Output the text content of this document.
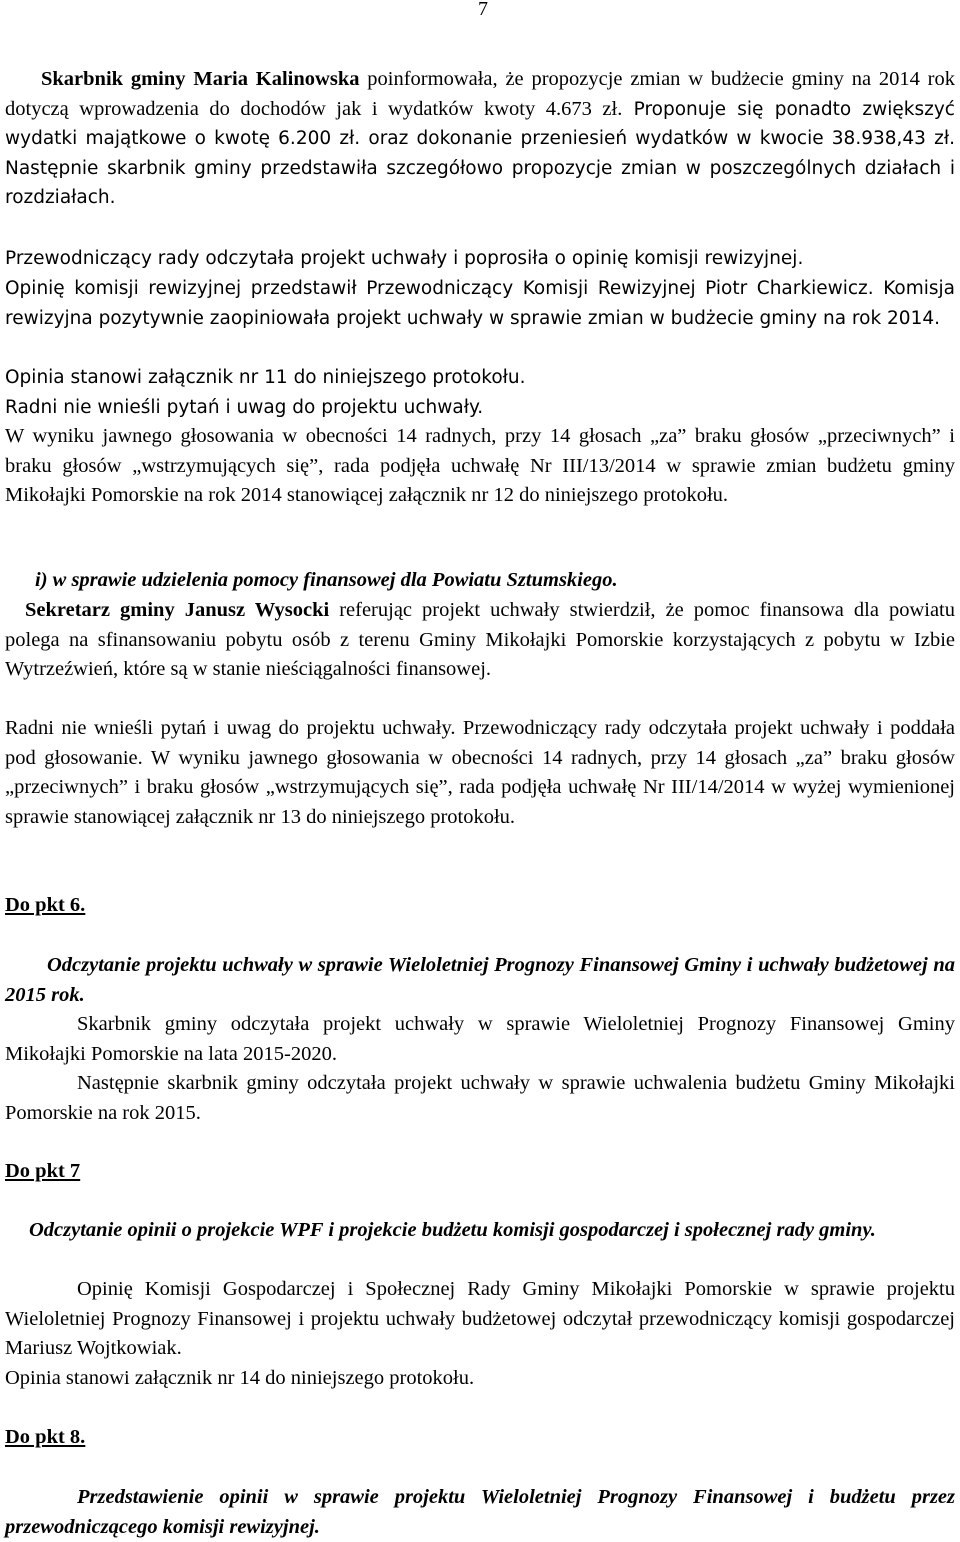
7

Skarbnik gminy Maria Kalinowska poinformowała, że propozycje zmian w budżecie gminy na 2014 rok dotyczą wprowadzenia do dochodów jak i wydatków kwoty 4.673 zł. Proponuje się ponadto zwiększyć wydatki majątkowe o kwotę 6.200 zł. oraz dokonanie przeniesień wydatków w kwocie 38.938,43 zł. Następnie skarbnik gminy przedstawiła szczegółowo propozycje zmian w poszczególnych działach i rozdziałach.

Przewodniczący rady odczytała projekt uchwały i poprosiła o opinię komisji rewizyjnej.

Opinię komisji rewizyjnej przedstawił Przewodniczący Komisji Rewizyjnej Piotr Charkiewicz. Komisja rewizyjna pozytywnie zaopiniowała projekt uchwały w sprawie zmian w budżecie gminy na rok 2014.

Opinia stanowi załącznik nr 11 do niniejszego protokołu.

Radni nie wnieśli pytań i uwag do projektu uchwały.

W wyniku jawnego głosowania w obecności 14 radnych, przy 14 głosach „za” braku głosów „przeciwnych” i braku głosów „wstrzymujących się”, rada podjęła uchwałę Nr III/13/2014 w sprawie zmian budżetu gminy Mikołajki Pomorskie na rok 2014 stanowiącej załącznik nr 12 do niniejszego protokołu.

i) w sprawie udzielenia pomocy finansowej dla Powiatu Sztumskiego.

Sekretarz gminy Janusz Wysocki referując projekt uchwały stwierdził, że pomoc finansowa dla powiatu polega na sfinansowaniu pobytu osób z terenu Gminy Mikołajki Pomorskie korzystających z pobytu w Izbie Wytrzeźwień, które są w stanie nieściągalności finansowej.

Radni nie wnieśli pytań i uwag do projektu uchwały. Przewodniczący rady odczytała projekt uchwały i poddała pod głosowanie. W wyniku jawnego głosowania w obecności 14 radnych, przy 14 głosach „za” braku głosów „przeciwnych” i braku głosów „wstrzymujących się”, rada podjęła uchwałę Nr III/14/2014 w wyżej wymienionej sprawie stanowiącej załącznik nr 13 do niniejszego protokołu.

Do pkt 6.

Odczytanie projektu uchwały w sprawie Wieloletniej Prognozy Finansowej Gminy i uchwały budżetowej na 2015 rok.

Skarbnik gminy odczytała projekt uchwały w sprawie Wieloletniej Prognozy Finansowej Gminy Mikołajki Pomorskie na lata 2015-2020.

Następnie skarbnik gminy odczytała projekt uchwały w sprawie uchwalenia budżetu Gminy Mikołajki Pomorskie na rok 2015.

Do pkt 7

Odczytanie opinii o projekcie WPF i projekcie budżetu komisji gospodarczej i społecznej rady gminy.

Opinię Komisji Gospodarczej i Społecznej Rady Gminy Mikołajki Pomorskie w sprawie projektu Wieloletniej Prognozy Finansowej i projektu uchwały budżetowej odczytał przewodniczący komisji gospodarczej Mariusz Wojtkowiak.

Opinia stanowi załącznik nr 14 do niniejszego protokołu.

Do pkt 8.

Przedstawienie opinii w sprawie projektu Wieloletniej Prognozy Finansowej i budżetu przez przewodniczącego komisji rewizyjnej.
